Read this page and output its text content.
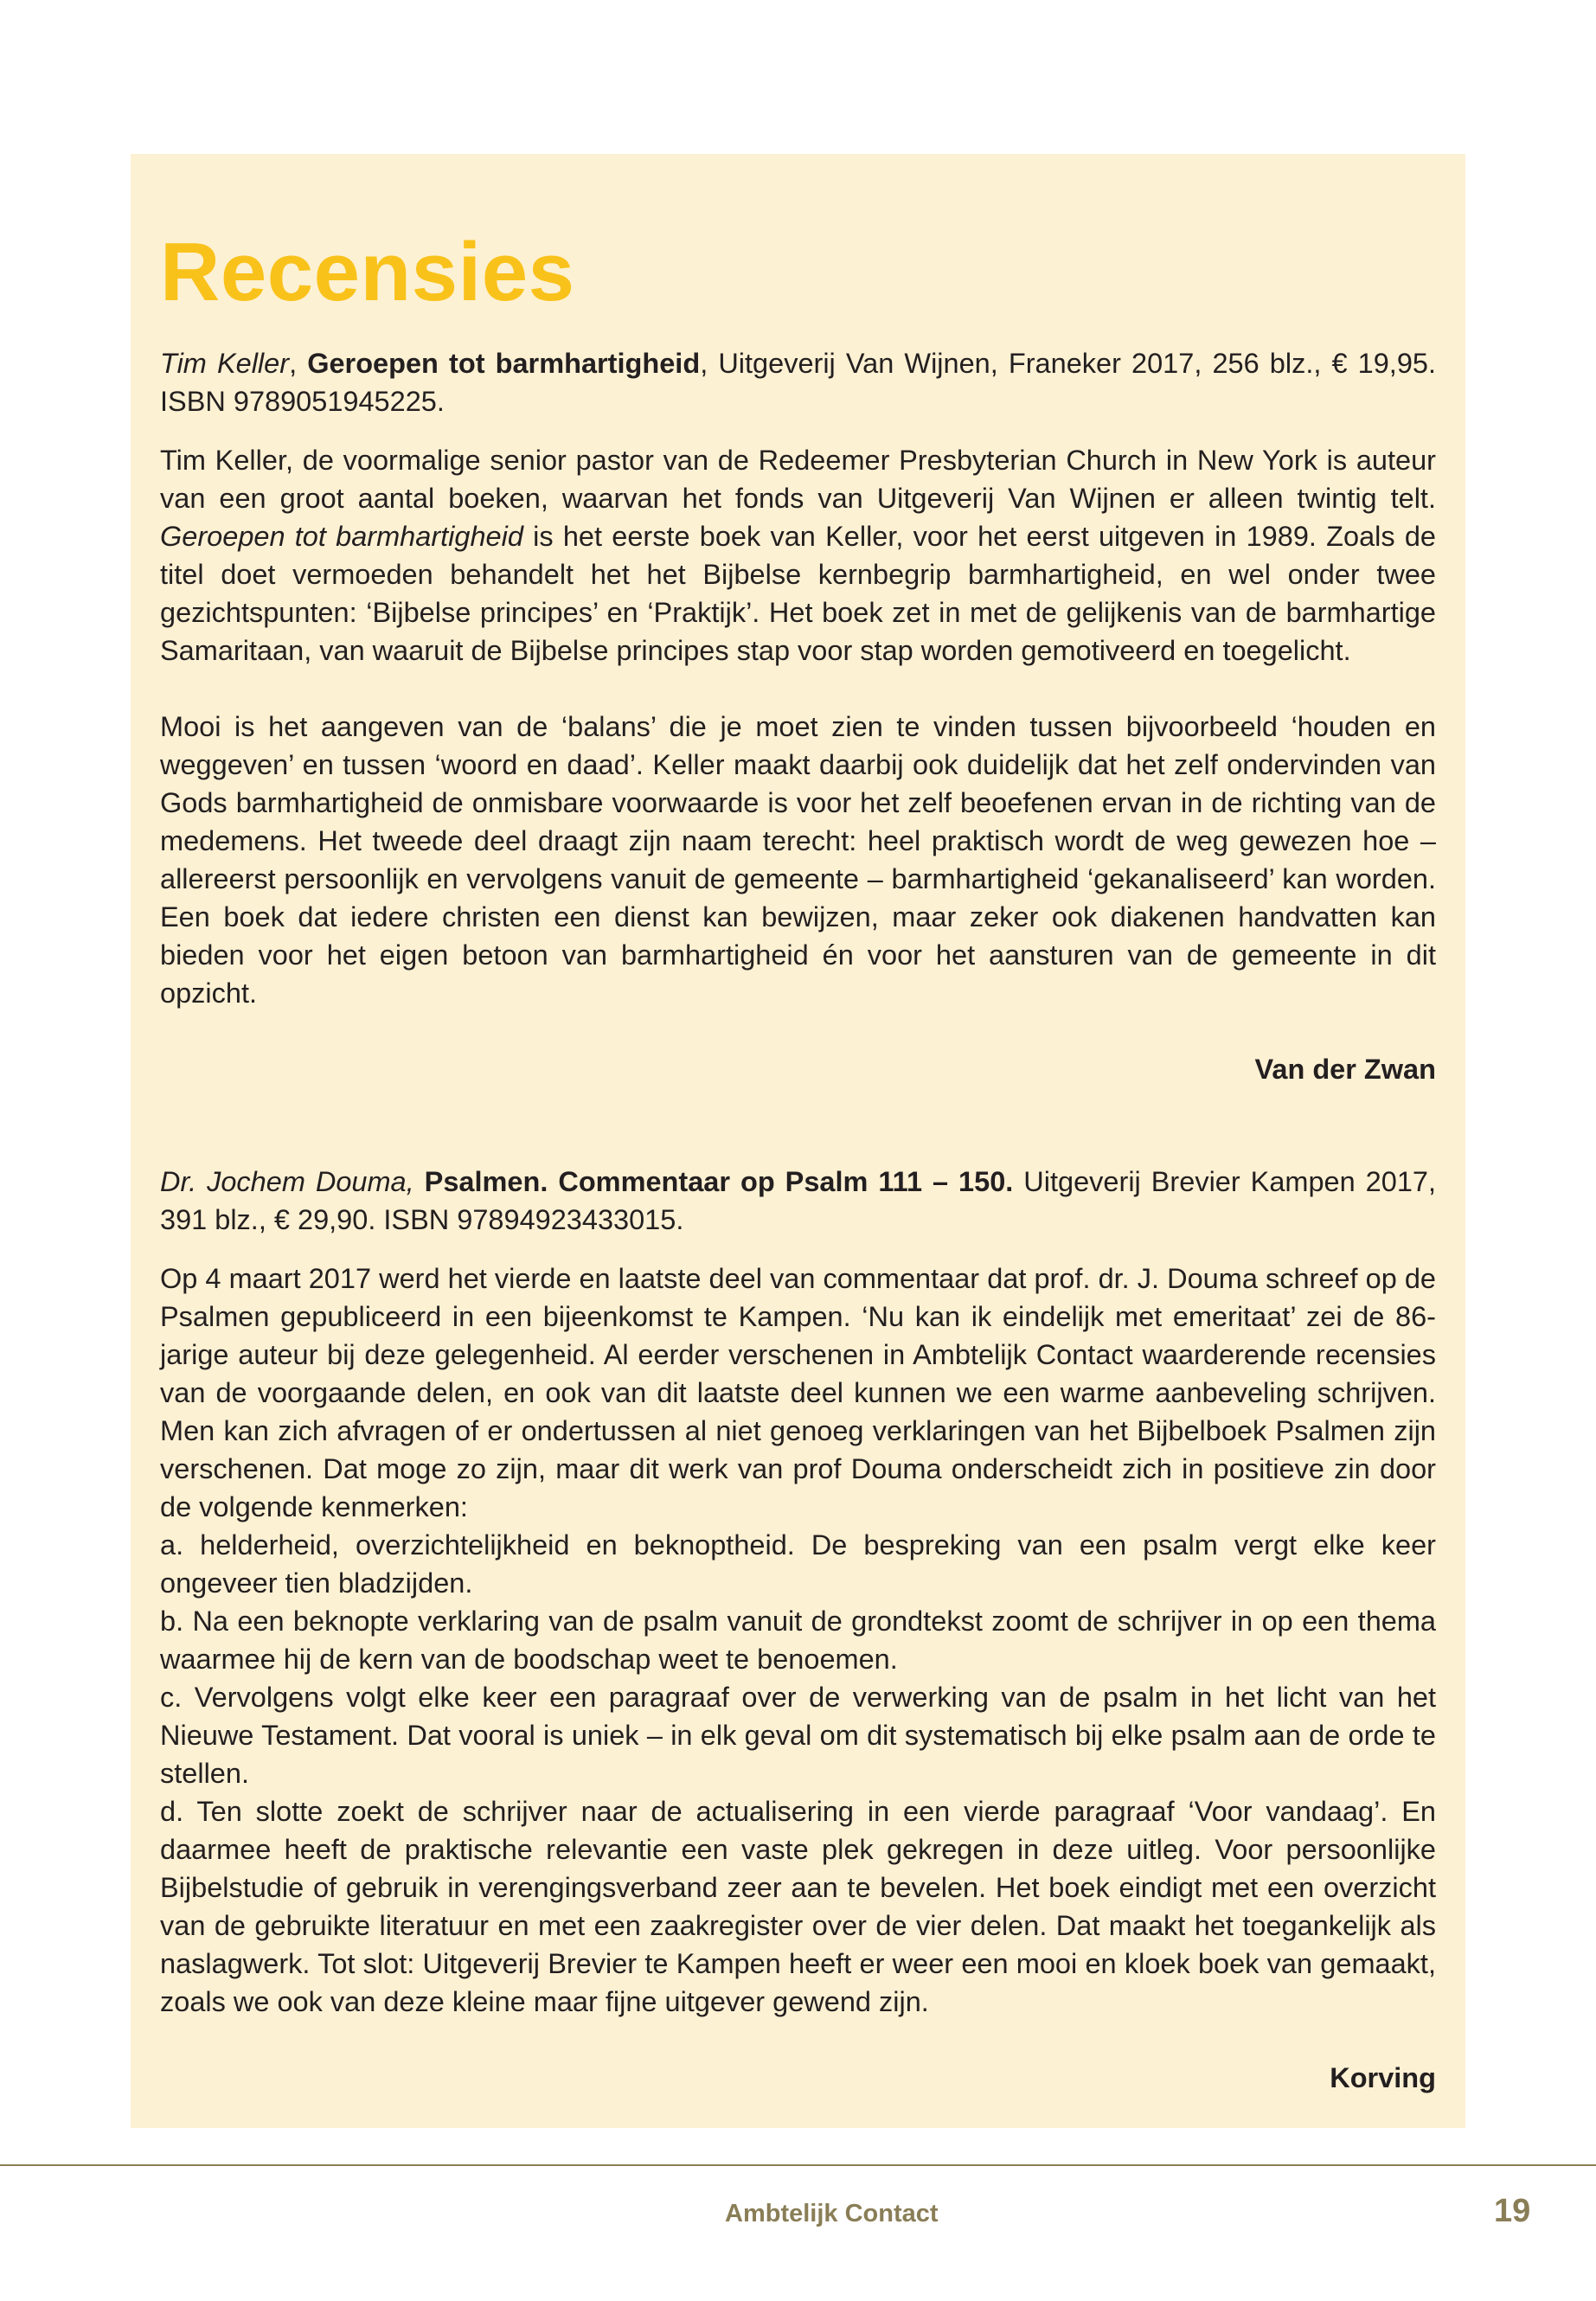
Recensies

Tim Keller, Geroepen tot barmhartigheid, Uitgeverij Van Wijnen, Franeker 2017, 256 blz., € 19,95. ISBN 9789051945225.

Tim Keller, de voormalige senior pastor van de Redeemer Presbyterian Church in New York is auteur van een groot aantal boeken, waarvan het fonds van Uitgeverij Van Wijnen er alleen twintig telt. Geroepen tot barmhartigheid is het eerste boek van Keller, voor het eerst uitgeven in 1989. Zoals de titel doet vermoeden behandelt het het Bijbelse kernbegrip barmhartigheid, en wel onder twee gezichtspunten: ‘Bijbelse principes’ en ‘Praktijk’. Het boek zet in met de gelijkenis van de barmhartige Samaritaan, van waaruit de Bijbelse principes stap voor stap worden gemotiveerd en toegelicht.

Mooi is het aangeven van de ‘balans’ die je moet zien te vinden tussen bijvoorbeeld ‘houden en weggeven’ en tussen ‘woord en daad’. Keller maakt daarbij ook duidelijk dat het zelf ondervinden van Gods barmhartigheid de onmisbare voorwaarde is voor het zelf beoefenen ervan in de richting van de medemens. Het tweede deel draagt zijn naam terecht: heel praktisch wordt de weg gewezen hoe – allereerst persoonlijk en vervolgens vanuit de gemeente – barmhartigheid ‘gekanaliseerd’ kan worden. Een boek dat iedere christen een dienst kan bewijzen, maar zeker ook diakenen handvatten kan bieden voor het eigen betoon van barmhartigheid én voor het aansturen van de gemeente in dit opzicht.

Van der Zwan

Dr. Jochem Douma, Psalmen. Commentaar op Psalm 111 – 150. Uitgeverij Brevier Kampen 2017, 391 blz., € 29,90. ISBN 97894923433015.

Op 4 maart 2017 werd het vierde en laatste deel van commentaar dat prof. dr. J. Douma schreef op de Psalmen gepubliceerd in een bijeenkomst te Kampen. ‘Nu kan ik eindelijk met emeritaat’ zei de 86-jarige auteur bij deze gelegenheid. Al eerder verschenen in Ambtelijk Contact waarderende recensies van de voorgaande delen, en ook van dit laatste deel kunnen we een warme aanbeveling schrijven. Men kan zich afvragen of er ondertussen al niet genoeg verklaringen van het Bijbelboek Psalmen zijn verschenen. Dat moge zo zijn, maar dit werk van prof Douma onderscheidt zich in positieve zin door de volgende kenmerken:

a. helderheid, overzichtelijkheid en beknoptheid. De bespreking van een psalm vergt elke keer ongeveer tien bladzijden.

b. Na een beknopte verklaring van de psalm vanuit de grondtekst zoomt de schrijver in op een thema waarmee hij de kern van de boodschap weet te benoemen.

c. Vervolgens volgt elke keer een paragraaf over de verwerking van de psalm in het licht van het Nieuwe Testament. Dat vooral is uniek – in elk geval om dit systematisch bij elke psalm aan de orde te stellen.

d. Ten slotte zoekt de schrijver naar de actualisering in een vierde paragraaf ‘Voor vandaag’. En daarmee heeft de praktische relevantie een vaste plek gekregen in deze uitleg. Voor persoonlijke Bijbelstudie of gebruik in verengingsverband zeer aan te bevelen. Het boek eindigt met een overzicht van de gebruikte literatuur en met een zaakregister over de vier delen. Dat maakt het toegankelijk als naslagwerk. Tot slot: Uitgeverij Brevier te Kampen heeft er weer een mooi en kloek boek van gemaakt, zoals we ook van deze kleine maar fijne uitgever gewend zijn.

Korving

Ambtelijk Contact	19
